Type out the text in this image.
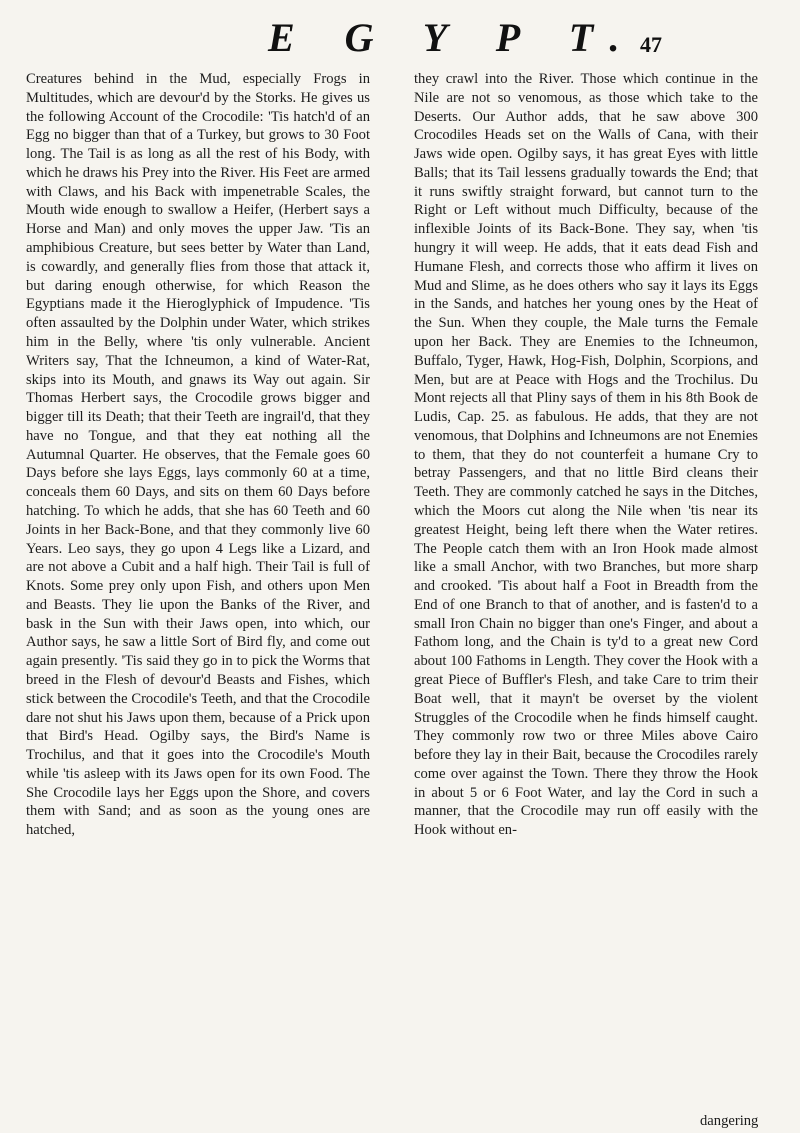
E G Y P T. 47

Creatures behind in the Mud, especially Frogs in Multitudes, which are devour'd by the Storks. He gives us the following Account of the Crocodile: 'Tis hatch'd of an Egg no bigger than that of a Turkey, but grows to 30 Foot long. The Tail is as long as all the rest of his Body, with which he draws his Prey into the River. His Feet are armed with Claws, and his Back with impenetrable Scales, the Mouth wide enough to swallow a Heifer, (Herbert says a Horse and Man) and only moves the upper Jaw. 'Tis an amphibious Creature, but sees better by Water than Land, is cowardly, and generally flies from those that attack it, but daring enough otherwise, for which Reason the Egyptians made it the Hieroglyphick of Impudence. 'Tis often assaulted by the Dolphin under Water, which strikes him in the Belly, where 'tis only vulnerable. Ancient Writers say, That the Ichneumon, a kind of Water-Rat, skips into its Mouth, and gnaws its Way out again. Sir Thomas Herbert says, the Crocodile grows bigger and bigger till its Death; that their Teeth are ingrail'd, that they have no Tongue, and that they eat nothing all the Autumnal Quarter. He observes, that the Female goes 60 Days before she lays Eggs, lays commonly 60 at a time, conceals them 60 Days, and sits on them 60 Days before hatching. To which he adds, that she has 60 Teeth and 60 Joints in her Back-Bone, and that they commonly live 60 Years. Leo says, they go upon 4 Legs like a Lizard, and are not above a Cubit and a half high. Their Tail is full of Knots. Some prey only upon Fish, and others upon Men and Beasts. They lie upon the Banks of the River, and bask in the Sun with their Jaws open, into which, our Author says, he saw a little Sort of Bird fly, and come out again presently. 'Tis said they go in to pick the Worms that breed in the Flesh of devour'd Beasts and Fishes, which stick between the Crocodile's Teeth, and that the Crocodile dare not shut his Jaws upon them, because of a Prick upon that Bird's Head. Ogilby says, the Bird's Name is Trochilus, and that it goes into the Crocodile's Mouth while 'tis asleep with its Jaws open for its own Food. The She Crocodile lays her Eggs upon the Shore, and covers them with Sand; and as soon as the young ones are hatched,

they crawl into the River. Those which continue in the Nile are not so venomous, as those which take to the Deserts. Our Author adds, that he saw above 300 Crocodiles Heads set on the Walls of Cana, with their Jaws wide open. Ogilby says, it has great Eyes with little Balls; that its Tail lessens gradually towards the End; that it runs swiftly straight forward, but cannot turn to the Right or Left without much Difficulty, because of the inflexible Joints of its Back-Bone. They say, when 'tis hungry it will weep. He adds, that it eats dead Fish and Humane Flesh, and corrects those who affirm it lives on Mud and Slime, as he does others who say it lays its Eggs in the Sands, and hatches her young ones by the Heat of the Sun. When they couple, the Male turns the Female upon her Back. They are Enemies to the Ichneumon, Buffalo, Tyger, Hawk, Hog-Fish, Dolphin, Scorpions, and Men, but are at Peace with Hogs and the Trochilus. Du Mont rejects all that Pliny says of them in his 8th Book de Ludis, Cap. 25. as fabulous. He adds, that they are not venomous, that Dolphins and Ichneumons are not Enemies to them, that they do not counterfeit a humane Cry to betray Passengers, and that no little Bird cleans their Teeth. They are commonly catched he says in the Ditches, which the Moors cut along the Nile when 'tis near its greatest Height, being left there when the Water retires. The People catch them with an Iron Hook made almost like a small Anchor, with two Branches, but more sharp and crooked. 'Tis about half a Foot in Breadth from the End of one Branch to that of another, and is fasten'd to a small Iron Chain no bigger than one's Finger, and about a Fathom long, and the Chain is ty'd to a great new Cord about 100 Fathoms in Length. They cover the Hook with a great Piece of Buffler's Flesh, and take Care to trim their Boat well, that it mayn't be overset by the violent Struggles of the Crocodile when he finds himself caught. They commonly row two or three Miles above Cairo before they lay in their Bait, because the Crocodiles rarely come over against the Town. There they throw the Hook in about 5 or 6 Foot Water, and lay the Cord in such a manner, that the Crocodile may run off easily with the Hook without en-

dangering
